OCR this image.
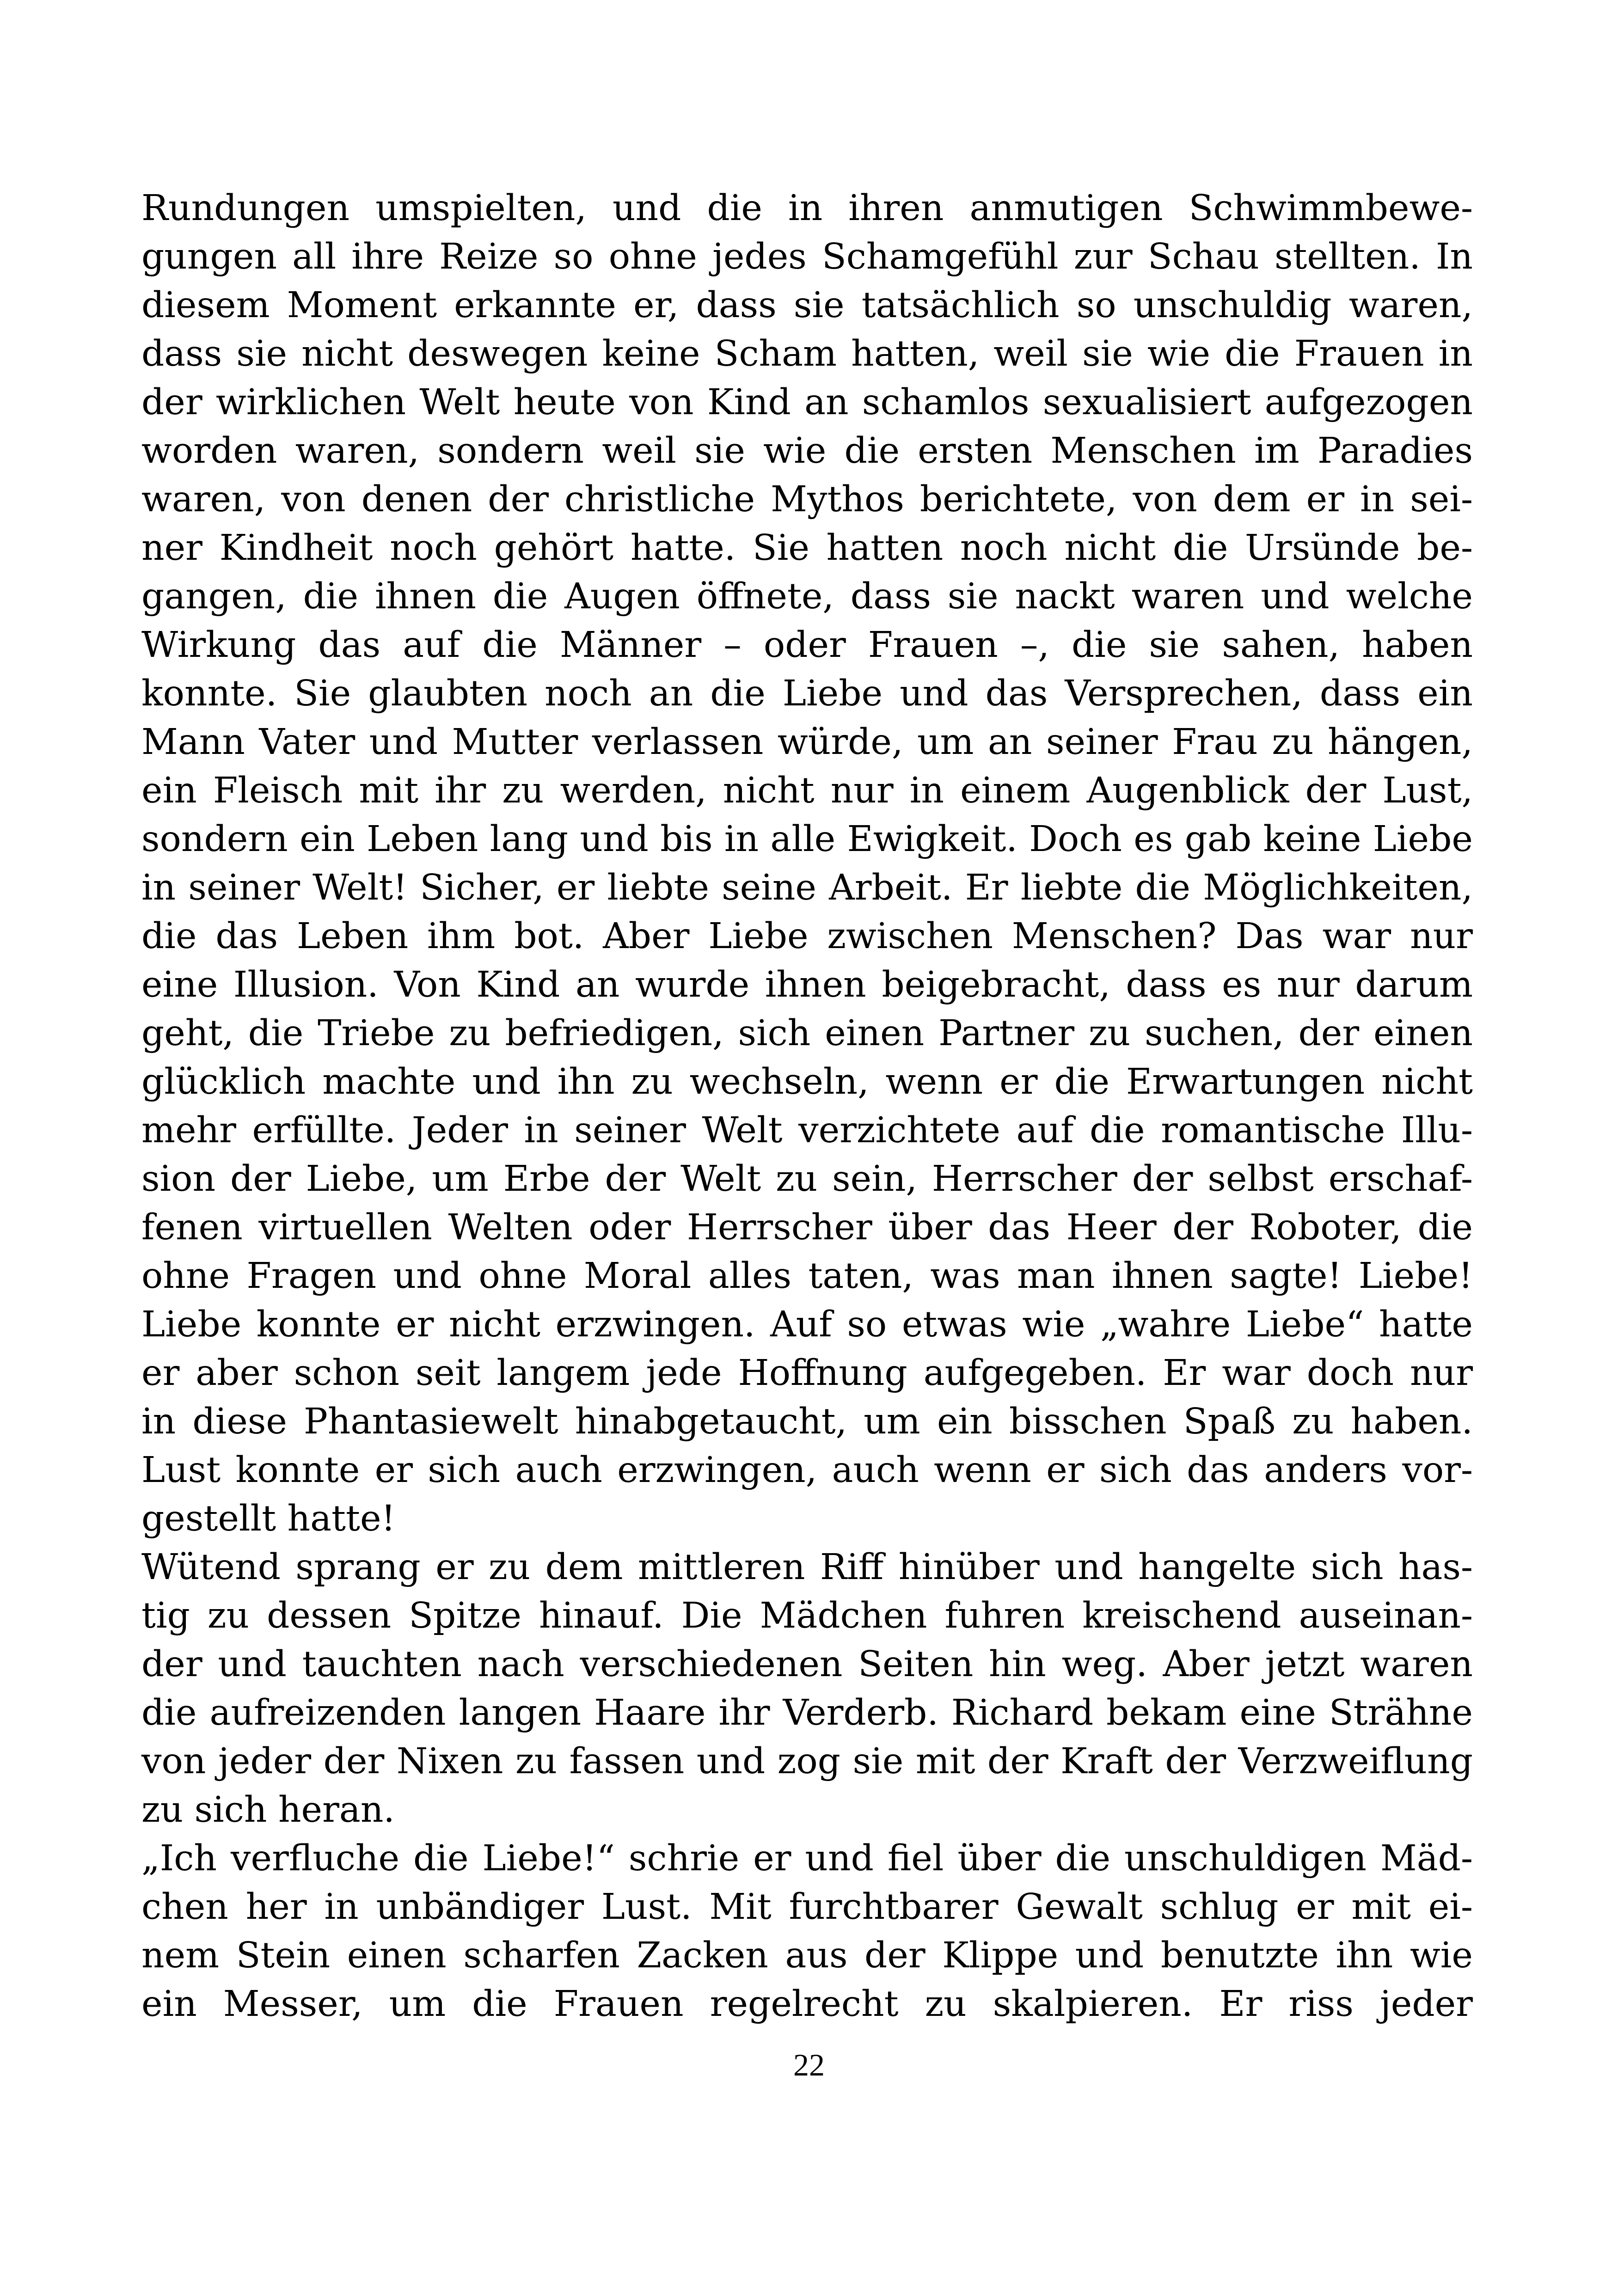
Rundungen umspielten, und die in ihren anmutigen Schwimmbewe-
gungen all ihre Reize so ohne jedes Schamgefühl zur Schau stellten. In
diesem Moment erkannte er, dass sie tatsächlich so unschuldig waren,
dass sie nicht deswegen keine Scham hatten, weil sie wie die Frauen in
der wirklichen Welt heute von Kind an schamlos sexualisiert aufgezogen
worden waren, sondern weil sie wie die ersten Menschen im Paradies
waren, von denen der christliche Mythos berichtete, von dem er in sei-
ner Kindheit noch gehört hatte. Sie hatten noch nicht die Ursünde be-
gangen, die ihnen die Augen öffnete, dass sie nackt waren und welche
Wirkung das auf die Männer – oder Frauen –, die sie sahen, haben
konnte. Sie glaubten noch an die Liebe und das Versprechen, dass ein
Mann Vater und Mutter verlassen würde, um an seiner Frau zu hängen,
ein Fleisch mit ihr zu werden, nicht nur in einem Augenblick der Lust,
sondern ein Leben lang und bis in alle Ewigkeit. Doch es gab keine Liebe
in seiner Welt! Sicher, er liebte seine Arbeit. Er liebte die Möglichkeiten,
die das Leben ihm bot. Aber Liebe zwischen Menschen? Das war nur
eine Illusion. Von Kind an wurde ihnen beigebracht, dass es nur darum
geht, die Triebe zu befriedigen, sich einen Partner zu suchen, der einen
glücklich machte und ihn zu wechseln, wenn er die Erwartungen nicht
mehr erfüllte. Jeder in seiner Welt verzichtete auf die romantische Illu-
sion der Liebe, um Erbe der Welt zu sein, Herrscher der selbst erschaf-
fenen virtuellen Welten oder Herrscher über das Heer der Roboter, die
ohne Fragen und ohne Moral alles taten, was man ihnen sagte! Liebe!
Liebe konnte er nicht erzwingen. Auf so etwas wie „wahre Liebe“ hatte
er aber schon seit langem jede Hoffnung aufgegeben. Er war doch nur
in diese Phantasiewelt hinabgetaucht, um ein bisschen Spaß zu haben.
Lust konnte er sich auch erzwingen, auch wenn er sich das anders vor-
gestellt hatte!
Wütend sprang er zu dem mittleren Riff hinüber und hangelte sich has-
tig zu dessen Spitze hinauf. Die Mädchen fuhren kreischend auseinan-
der und tauchten nach verschiedenen Seiten hin weg. Aber jetzt waren
die aufreizenden langen Haare ihr Verderb. Richard bekam eine Strähne
von jeder der Nixen zu fassen und zog sie mit der Kraft der Verzweiflung
zu sich heran.
„Ich verfluche die Liebe!“ schrie er und fiel über die unschuldigen Mäd-
chen her in unbändiger Lust. Mit furchtbarer Gewalt schlug er mit ei-
nem Stein einen scharfen Zacken aus der Klippe und benutzte ihn wie
ein Messer, um die Frauen regelrecht zu skalpieren. Er riss jeder
22
